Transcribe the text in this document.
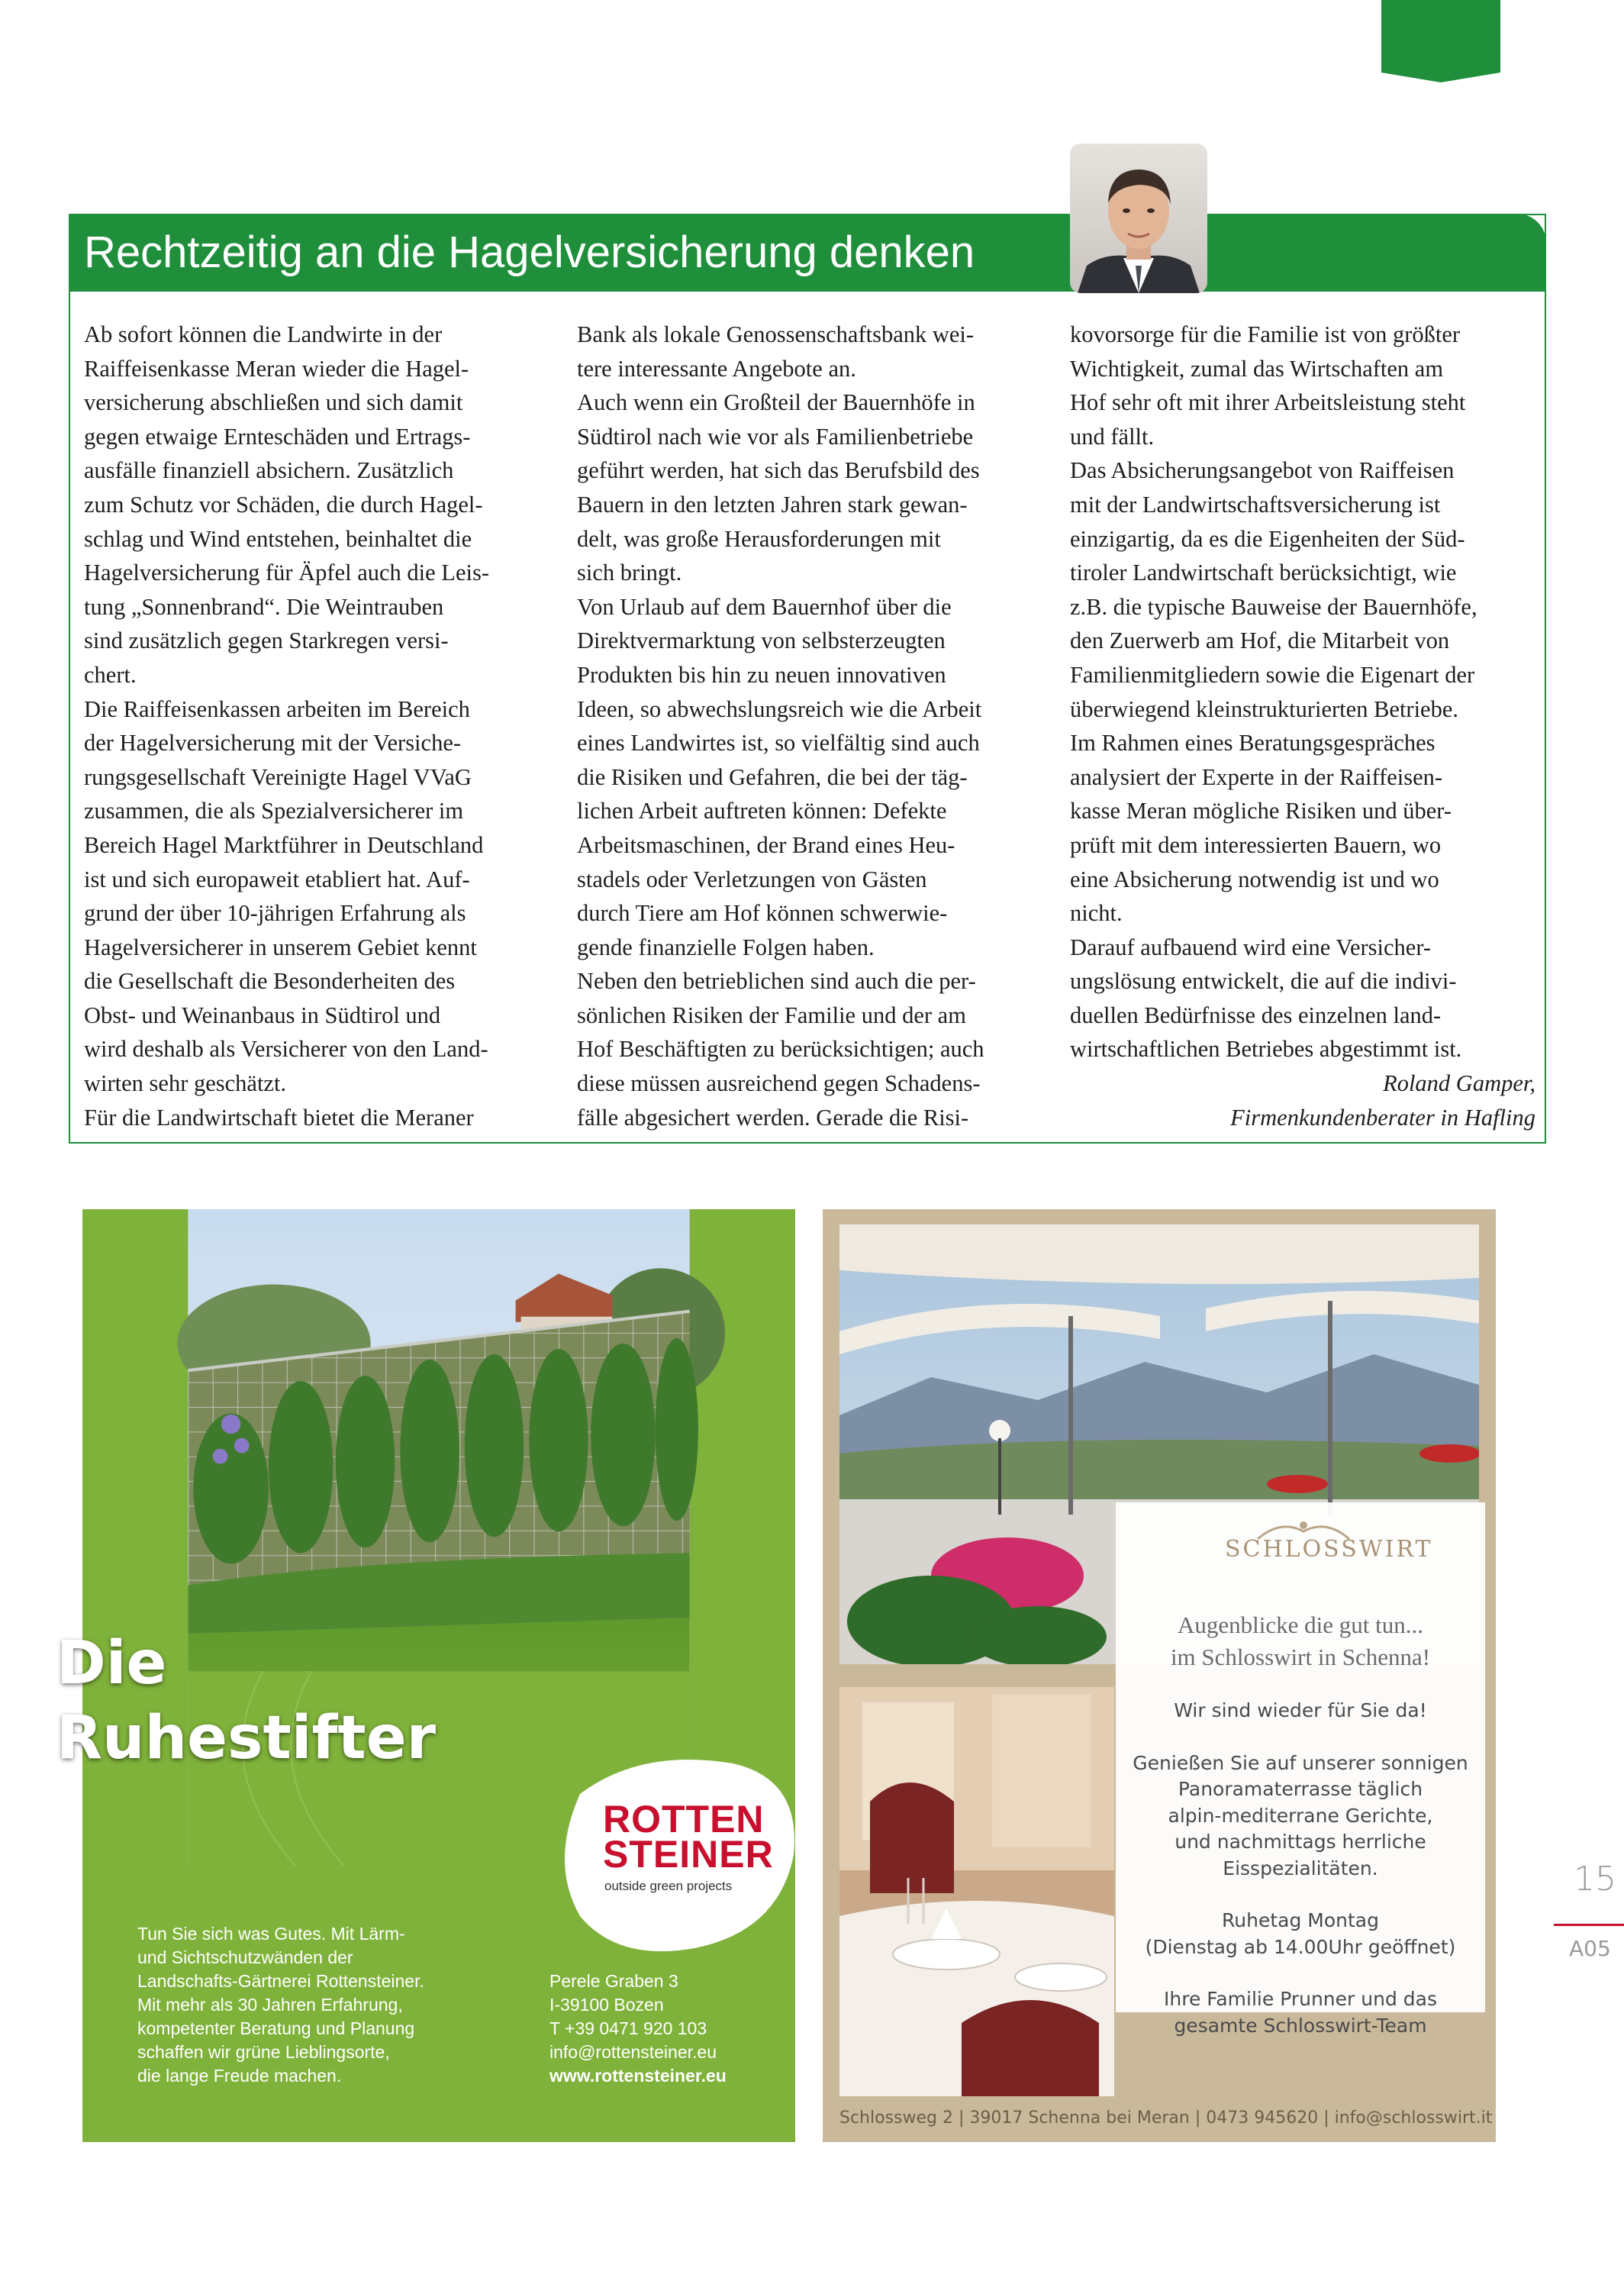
Rechtzeitig an die Hagelversicherung denken

Ab sofort können die Landwirte in der

Raiffeisenkasse Meran wieder die Hagel-

versicherung abschließen und sich damit

gegen etwaige Ernteschäden und Ertrags-

ausfälle finanziell absichern. Zusätzlich

zum Schutz vor Schäden, die durch Hagel-

schlag und Wind entstehen, beinhaltet die

Hagelversicherung für Äpfel auch die Leis-

tung „Sonnenbrand“. Die Weintrauben

sind zusätzlich gegen Starkregen versi-

chert.

Die Raiffeisenkassen arbeiten im Bereich

der Hagelversicherung mit der Versiche-

rungsgesellschaft Vereinigte Hagel VVaG

zusammen, die als Spezialversicherer im

Bereich Hagel Marktführer in Deutschland

ist und sich europaweit etabliert hat. Auf-

grund der über 10-jährigen Erfahrung als

Hagelversicherer in unserem Gebiet kennt

die Gesellschaft die Besonderheiten des

Obst- und Weinanbaus in Südtirol und

wird deshalb als Versicherer von den Land-

wirten sehr geschätzt.

Für die Landwirtschaft bietet die Meraner

Bank als lokale Genossenschaftsbank wei-

tere interessante Angebote an.

Auch wenn ein Großteil der Bauernhöfe in

Südtirol nach wie vor als Familienbetriebe

geführt werden, hat sich das Berufsbild des

Bauern in den letzten Jahren stark gewan-

delt, was große Herausforderungen mit

sich bringt.

Von Urlaub auf dem Bauernhof über die

Direktvermarktung von selbsterzeugten

Produkten bis hin zu neuen innovativen

Ideen, so abwechslungsreich wie die Arbeit

eines Landwirtes ist, so vielfältig sind auch

die Risiken und Gefahren, die bei der täg-

lichen Arbeit auftreten können: Defekte

Arbeitsmaschinen, der Brand eines Heu-

stadels oder Verletzungen von Gästen

durch Tiere am Hof können schwerwie-

gende finanzielle Folgen haben.

Neben den betrieblichen sind auch die per-

sönlichen Risiken der Familie und der am

Hof Beschäftigten zu berücksichtigen; auch

diese müssen ausreichend gegen Schadens-

fälle abgesichert werden. Gerade die Risi-

kovorsorge für die Familie ist von größter

Wichtigkeit, zumal das Wirtschaften am

Hof sehr oft mit ihrer Arbeitsleistung steht

und fällt.

Das Absicherungsangebot von Raiffeisen

mit der Landwirtschaftsversicherung ist

einzigartig, da es die Eigenheiten der Süd-

tiroler Landwirtschaft berücksichtigt, wie

z.B. die typische Bauweise der Bauernhöfe,

den Zuerwerb am Hof, die Mitarbeit von

Familienmitgliedern sowie die Eigenart der

überwiegend kleinstrukturierten Betriebe.

Im Rahmen eines Beratungsgespräches

analysiert der Experte in der Raiffeisen-

kasse Meran mögliche Risiken und über-

prüft mit dem interessierten Bauern, wo

eine Absicherung notwendig ist und wo

nicht.

Darauf aufbauend wird eine Versicher-

ungslösung entwickelt, die auf die indivi-

duellen Bedürfnisse des einzelnen land-

wirtschaftlichen Betriebes abgestimmt ist.

Roland Gamper,

Firmenkundenberater in Hafling

Die
Ruhestifter
ROTTEN
STEINER
outside green projects
Tun Sie sich was Gutes. Mit Lärm-
und Sichtschutzwänden der
Landschafts-Gärtnerei Rottensteiner.
Mit mehr als 30 Jahren Erfahrung,
kompetenter Beratung und Planung
schaffen wir grüne Lieblingsorte,
die lange Freude machen.
Perele Graben 3
I-39100 Bozen
T +39 0471 920 103
info@rottensteiner.eu
www.rottensteiner.eu
SCHLOSSWIRT
Augenblicke die gut tun...
im Schlosswirt in Schenna!
Wir sind wieder für Sie da!
Genießen Sie auf unserer sonnigen
Panoramaterrasse täglich
alpin-mediterrane Gerichte,
und nachmittags herrliche
Eisspezialitäten.
Ruhetag Montag
(Dienstag ab 14.00Uhr geöffnet)
Ihre Familie Prunner und das
gesamte Schlosswirt-Team
Schlossweg 2 | 39017 Schenna bei Meran | 0473 945620 | info@schlosswirt.it
15
A05
